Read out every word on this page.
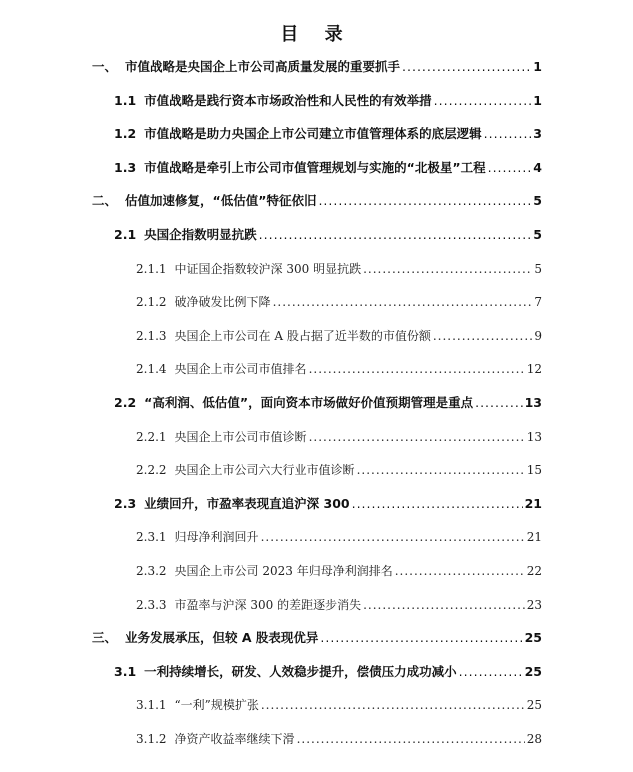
目 录
一、 市值战略是央国企上市公司高质量发展的重要抓手 .....	1
1.1 市值战略是践行资本市场政治性和人民性的有效举措 .....	1
1.2 市值战略是助力央国企上市公司建立市值管理体系的底层逻辑 .....	3
1.3 市值战略是牵引上市公司市值管理规划与实施的“北极星”工程 .....	4
二、 估值加速修复，“低估值”特征依旧 .....	5
2.1 央国企指数明显抗跌 .....	5
2.1.1 中证国企指数较沪深 300 明显抗跌 .....	5
2.1.2 破净破发比例下降 .....	7
2.1.3 央国企上市公司在 A 股占据了近半数的市值份额 .....	9
2.1.4 央国企上市公司市值排名 .....	12
2.2 “高利润、低估值”，面向资本市场做好价值预期管理是重点 .....	13
2.2.1 央国企上市公司市值诊断 .....	13
2.2.2 央国企上市公司六大行业市值诊断 .....	15
2.3 业绩回升，市盈率表现直追沪深 300 .....	21
2.3.1 归母净利润回升 .....	21
2.3.2 央国企上市公司 2023 年归母净利润排名 .....	22
2.3.3 市盈率与沪深 300 的差距逐步消失 .....	23
三、 业务发展承压，但较 A 股表现优异 .....	25
3.1 一利持续增长，研发、人效稳步提升，偿债压力成功减小 .....	25
3.1.1 “一利”规模扩张 .....	25
3.1.2 净资产收益率继续下滑 .....	28
